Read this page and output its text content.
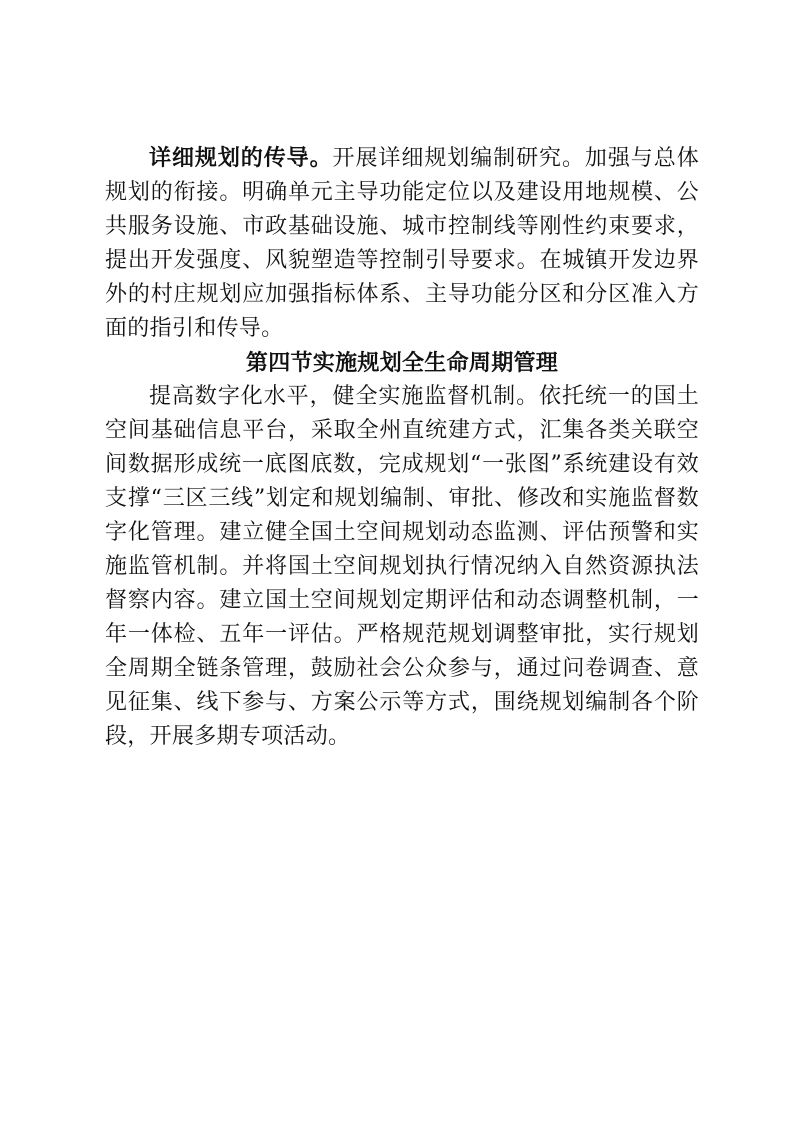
详细规划的传导。开展详细规划编制研究。加强与总体规划的衔接。明确单元主导功能定位以及建设用地规模、公共服务设施、市政基础设施、城市控制线等刚性约束要求，提出开发强度、风貌塑造等控制引导要求。在城镇开发边界外的村庄规划应加强指标体系、主导功能分区和分区准入方面的指引和传导。

第四节实施规划全生命周期管理

提高数字化水平，健全实施监督机制。依托统一的国土空间基础信息平台，采取全州直统建方式，汇集各类关联空间数据形成统一底图底数，完成规划“一张图”系统建设有效支撑“三区三线”划定和规划编制、审批、修改和实施监督数字化管理。建立健全国土空间规划动态监测、评估预警和实施监管机制。并将国土空间规划执行情况纳入自然资源执法督察内容。建立国土空间规划定期评估和动态调整机制，一年一体检、五年一评估。严格规范规划调整审批，实行规划全周期全链条管理，鼓励社会公众参与，通过问卷调查、意见征集、线下参与、方案公示等方式，围绕规划编制各个阶段，开展多期专项活动。
